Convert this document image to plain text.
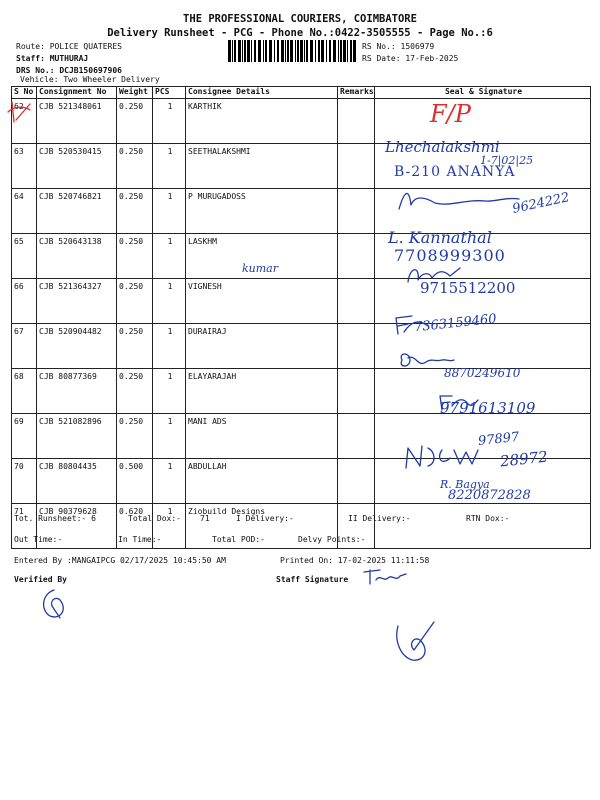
THE PROFESSIONAL COURIERS, COIMBATORE
Delivery Runsheet - PCG - Phone No.:0422-3505555 - Page No.:6
Route: POLICE QUATERES
Staff: MUTHURAJ
DRS No.: DCJB150697906
Vehicle: Two Wheeler Delivery
RS No.: 1506979
RS Date: 17-Feb-2025
S No	Consignment No	Weight	PCS	Consignee Details	Remarks	Seal & Signature
62	CJB 521348061	0.250	1	KARTHIK		
63	CJB 520530415	0.250	1	SEETHALAKSHMI		
64	CJB 520746821	0.250	1	P MURUGADOSS		
65	CJB 520643138	0.250	1	LASKHM		
66	CJB 521364327	0.250	1	VIGNESH		
67	CJB 520904482	0.250	1	DURAIRAJ		
68	CJB 80877369	0.250	1	ELAYARAJAH		
69	CJB 521082896	0.250	1	MANI ADS		
70	CJB 80804435	0.500	1	ABDULLAH		
71	CJB 90379628	0.620	1	Ziobuild Designs		
F/P
Lhechalakshmi
1-7|02|25
B-210 ANANYA
9624222
L. Kannathal
7708999300
kumar
9715512200
7363159460
8870249610
9791613109
97897
28972
R. Bagya
8220872828
Tot. Runsheet:- 6	Total Dox:- 71	I Delivery:-	II Delivery:-	RTN Dox:-
Out Time:-	In Time:-	Total POD:-	Delvy Points:-
Entered By :MANGAIPCG 02/17/2025 10:45:50 AM	Printed On: 17-02-2025 11:11:58
Verified By	Staff Signature
